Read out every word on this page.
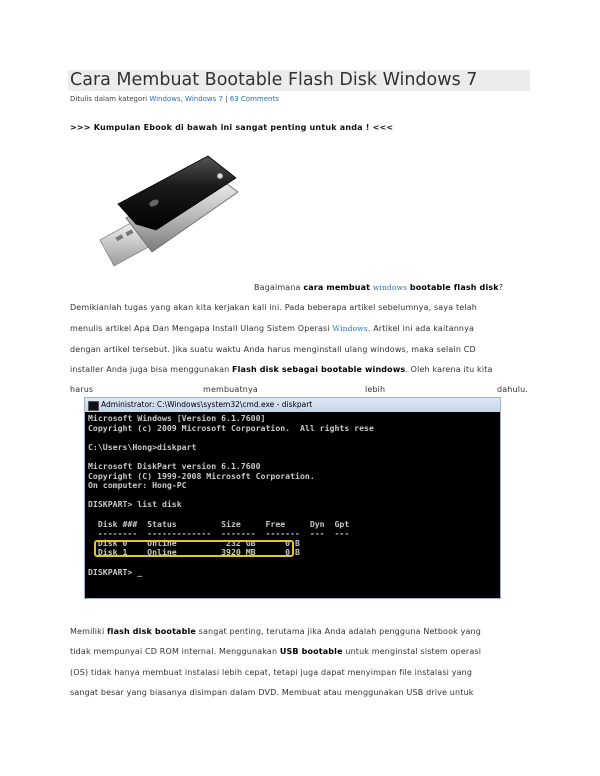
Cara Membuat Bootable Flash Disk Windows 7
Ditulis dalam kategori Windows, Windows 7 | 63 Comments
>>> Kumpulan Ebook di bawah ini sangat penting untuk anda ! <<<
Bagaimana cara membuat windows bootable flash disk?
Demikianlah tugas yang akan kita kerjakan kali ini. Pada beberapa artikel sebelumnya, saya telah
menulis artikel Apa Dan Mengapa Install Ulang Sistem Operasi Windows. Artikel ini ada kaitannya
dengan artikel tersebut. Jika suatu waktu Anda harus menginstall ulang windows, maka selain CD
installer Anda juga bisa menggunakan Flash disk sebagai bootable windows. Oleh karena itu kita
harus	membuatnya	lebih	dahulu.
Administrator: C:\Windows\system32\cmd.exe - diskpart
Microsoft Windows [Version 6.1.7600]
Copyright (c) 2009 Microsoft Corporation.  All rights rese

C:\Users\Hong>diskpart

Microsoft DiskPart version 6.1.7600
Copyright (C) 1999-2008 Microsoft Corporation.
On computer: Hong-PC

DISKPART> list disk

Disk ###  Status         Size     Free     Dyn  Gpt
--------  -------------  -------  -------  ---  ---
Disk 0    Online          232 GB      0 B
Disk 1    Online         3920 MB      0 B

DISKPART> _
Memiliki flash disk bootable sangat penting, terutama jika Anda adalah pengguna Netbook yang
tidak mempunyai CD ROM internal. Menggunakan USB bootable untuk menginstal sistem operasi
(OS) tidak hanya membuat instalasi lebih cepat, tetapi juga dapat menyimpan file instalasi yang
sangat besar yang biasanya disimpan dalam DVD. Membuat atau menggunakan USB drive untuk
